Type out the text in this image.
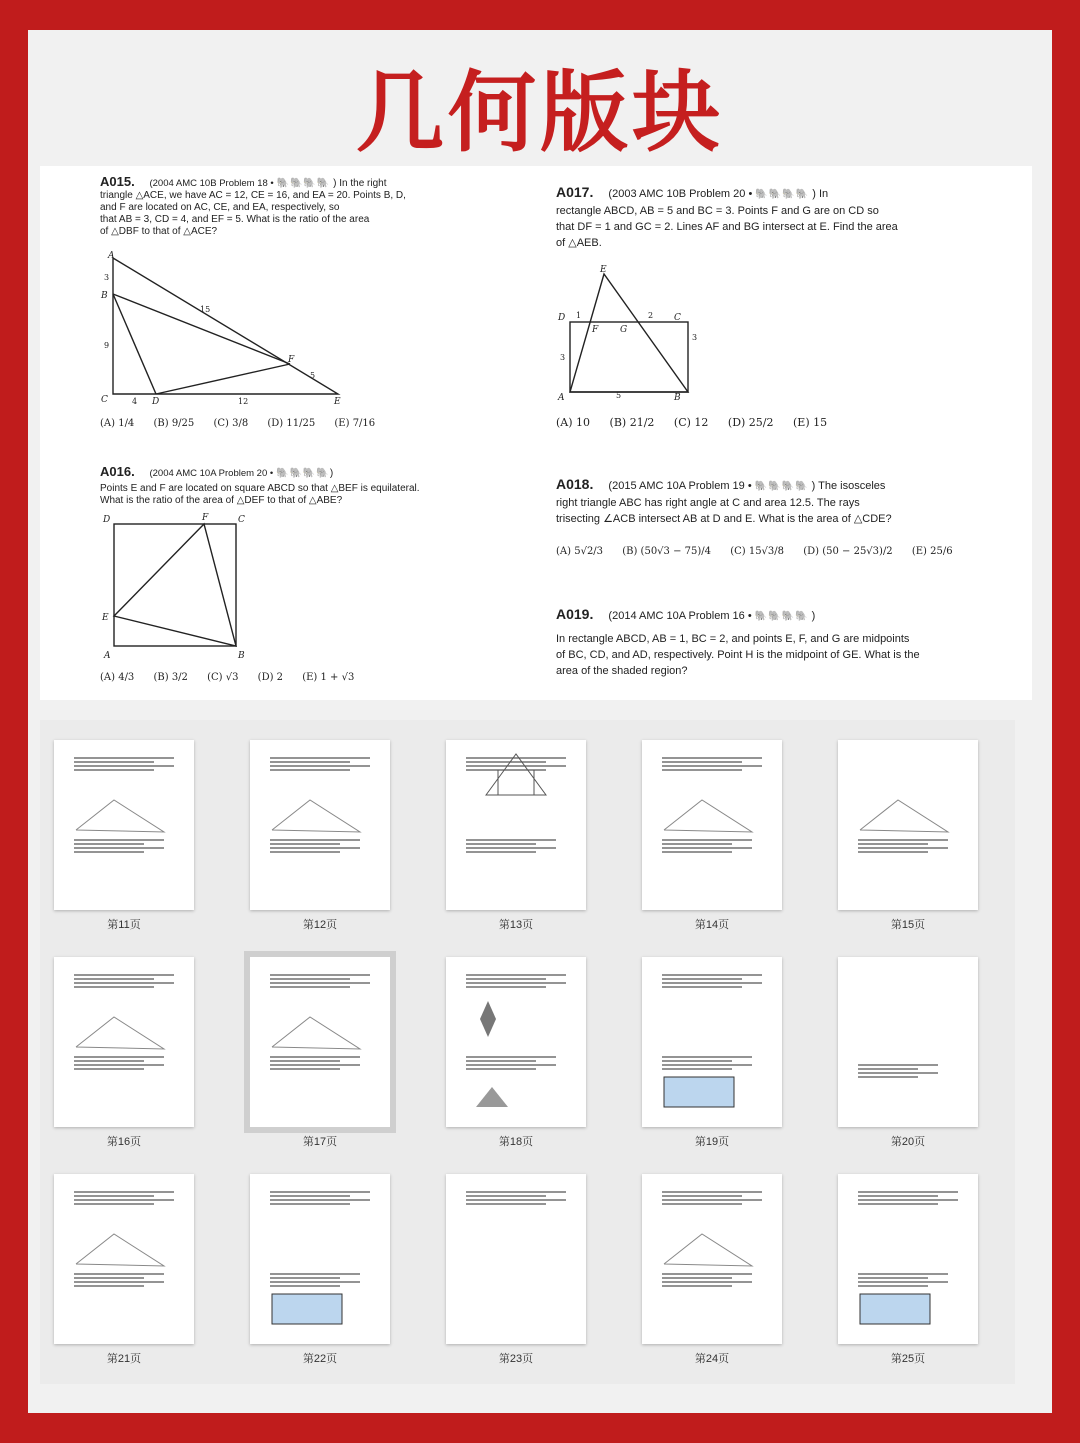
几何版块
A015. (2004 AMC 10B Problem 18 • 🐘🐘🐘🐘 ) In the right
triangle △ACE, we have AC = 12, CE = 16, and EA = 20. Points B, D,
and F are located on AC, CE, and EA, respectively, so
that AB = 3, CD = 4, and EF = 5. What is the ratio of the area
of △DBF to that of △ACE?
A
B
C	D	E
F
3
9
15
5
4	12
(A) 1/4 (B) 9/25 (C) 3/8 (D) 11/25 (E) 7/16
A016. (2004 AMC 10A Problem 20 • 🐘🐘🐘🐘)
Points E and F are located on square ABCD so that △BEF is equilateral.
What is the ratio of the area of △DEF to that of △ABE?
D	F	C
E
A	B
(A) 4/3 (B) 3/2 (C) √3 (D) 2 (E) 1 + √3
A017. (2003 AMC 10B Problem 20 • 🐘🐘🐘🐘 ) In
rectangle ABCD, AB = 5 and BC = 3. Points F and G are on CD so
that DF = 1 and GC = 2. Lines AF and BG intersect at E. Find the area
of △AEB.
E
D
F G
C
A	B
1	2
3
3
5
(A) 10 (B) 21/2 (C) 12 (D) 25/2 (E) 15
A018. (2015 AMC 10A Problem 19 • 🐘🐘🐘🐘 ) The isosceles
right triangle ABC has right angle at C and area 12.5. The rays
trisecting ∠ACB intersect AB at D and E. What is the area of △CDE?
(A) 5√2/3 (B) (50√3 − 75)/4 (C) 15√3/8 (D) (50 − 25√3)/2 (E) 25/6
A019. (2014 AMC 10A Problem 16 • 🐘🐘🐘🐘 )
In rectangle ABCD, AB = 1, BC = 2, and points E, F, and G are midpoints
of BC, CD, and AD, respectively. Point H is the midpoint of GE. What is the
area of the shaded region?
第11页	第12页	第13页	第14页	第15页
第16页	第17页	第18页	第19页	第20页
第21页	第22页	第23页	第24页	第25页
